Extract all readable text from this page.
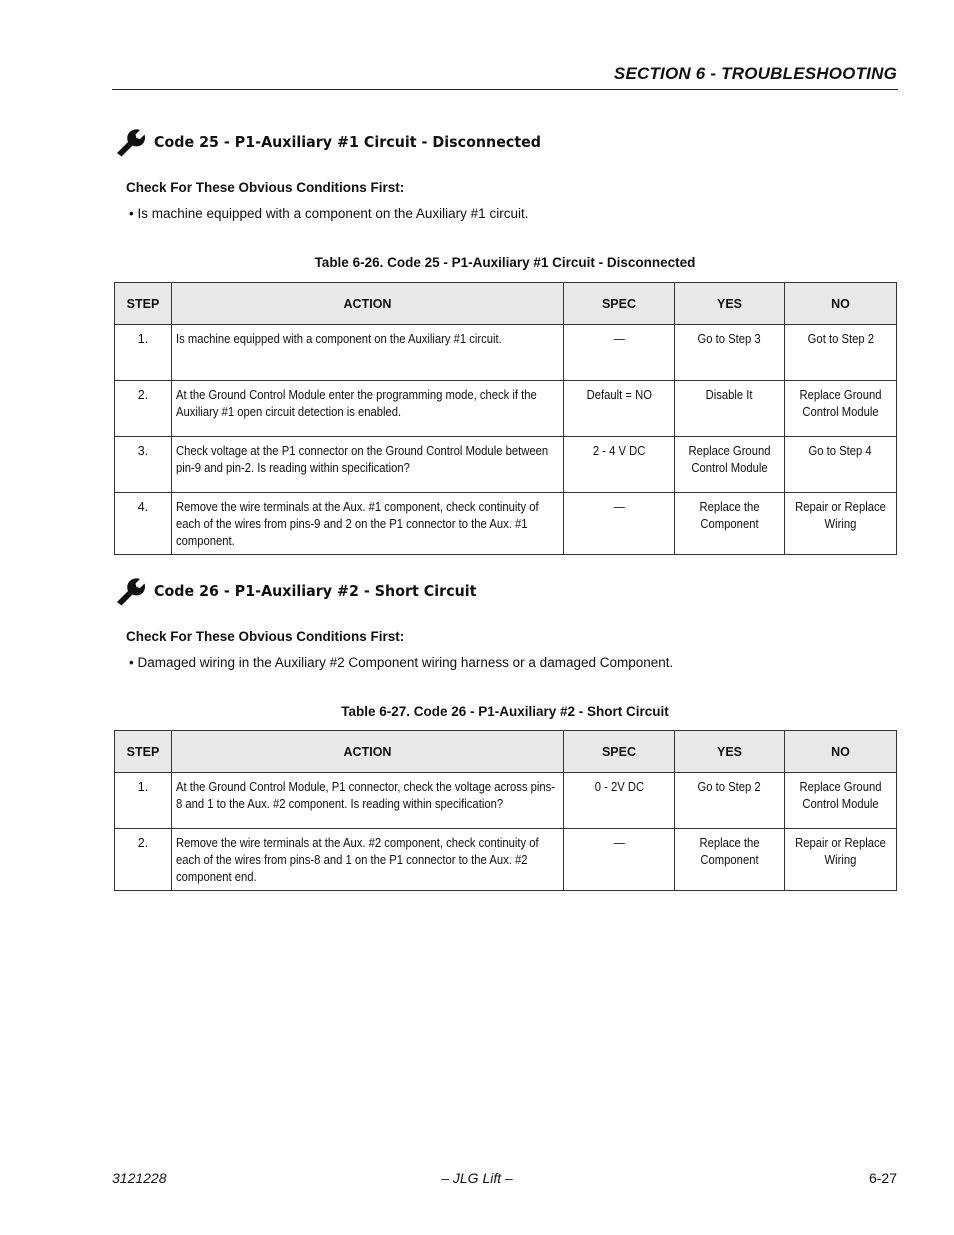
SECTION 6 - TROUBLESHOOTING
Code 25 - P1-Auxiliary #1 Circuit - Disconnected
Check For These Obvious Conditions First:
• Is machine equipped with a component on the Auxiliary #1 circuit.
Table 6-26. Code 25 - P1-Auxiliary #1 Circuit - Disconnected
STEP	ACTION	SPEC	YES	NO
1.	Is machine equipped with a component on the Auxiliary #1 circuit.	—	Go to Step 3	Got to Step 2
2.	At the Ground Control Module enter the programming mode, check if the Auxiliary #1 open circuit detection is enabled.	Default = NO	Disable It	Replace Ground Control Module
3.	Check voltage at the P1 connector on the Ground Control Module between pin-9 and pin-2. Is reading within specification?	2 - 4 V DC	Replace Ground Control Module	Go to Step 4
4.	Remove the wire terminals at the Aux. #1 component, check continuity of each of the wires from pins-9 and 2 on the P1 connector to the Aux. #1 component.	—	Replace the Component	Repair or Replace Wiring
Code 26 - P1-Auxiliary #2 - Short Circuit
Check For These Obvious Conditions First:
• Damaged wiring in the Auxiliary #2 Component wiring harness or a damaged Component.
Table 6-27. Code 26 - P1-Auxiliary #2 - Short Circuit
STEP	ACTION	SPEC	YES	NO
1.	At the Ground Control Module, P1 connector, check the voltage across pins-8 and 1 to the Aux. #2 component. Is reading within specification?	0 - 2V DC	Go to Step 2	Replace Ground Control Module
2.	Remove the wire terminals at the Aux. #2 component, check continuity of each of the wires from pins-8 and 1 on the P1 connector to the Aux. #2 component end.	—	Replace the Component	Repair or Replace Wiring
3121228	– JLG Lift –	6-27
